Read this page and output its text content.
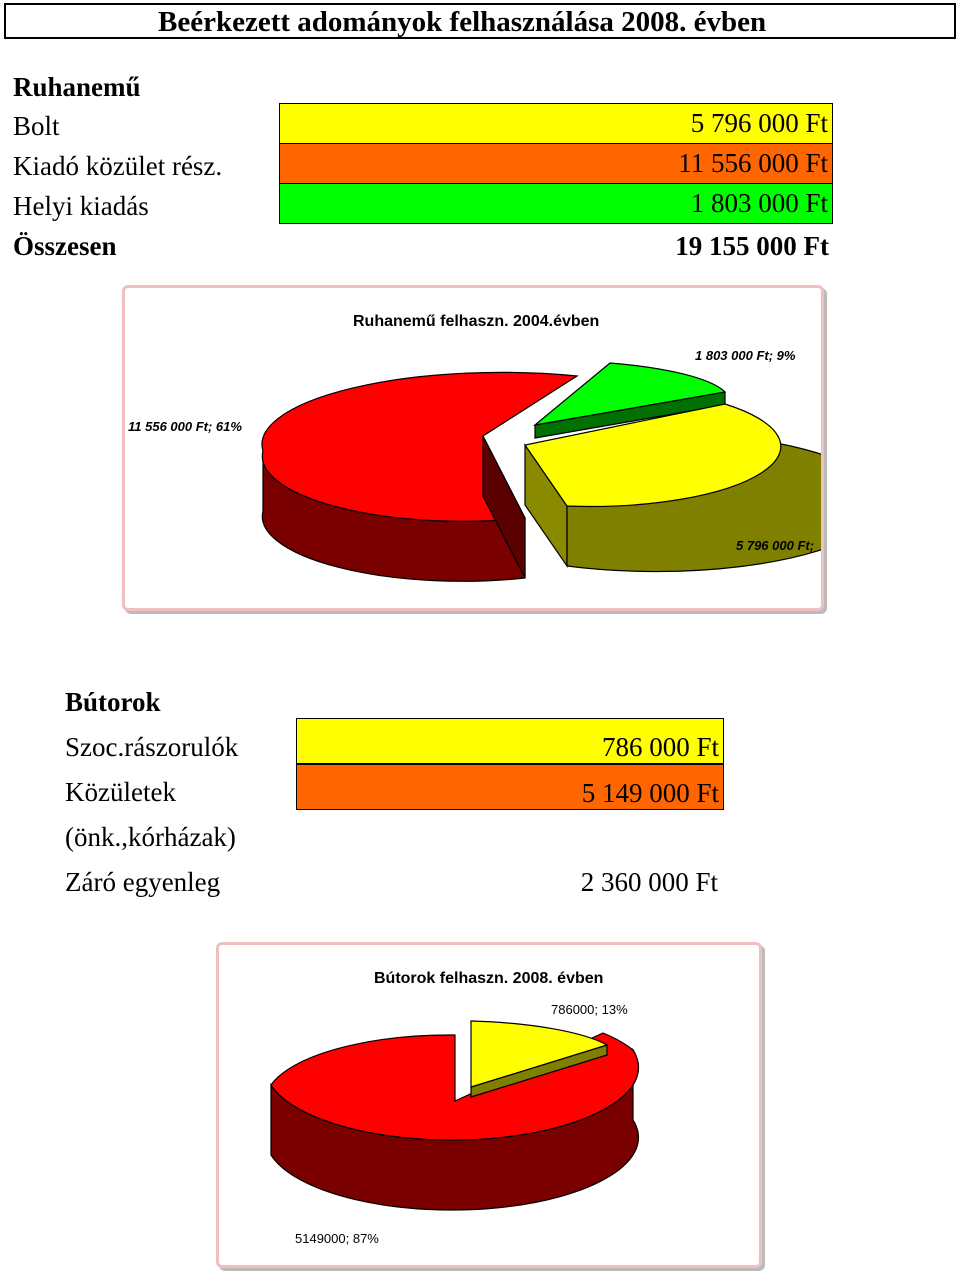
Beérkezett adományok felhasználása 2008. évben
Ruhanemű
Bolt
Kiadó közület rész.
Helyi kiadás
Összesen
5 796 000 Ft
11 556 000 Ft
1 803 000 Ft
19 155 000 Ft
Ruhanemű felhaszn. 2004.évben
1 803 000 Ft; 9%
11 556 000 Ft; 61%
5 796 000 Ft;
Bútorok
Szoc.rászorulók
Közületek
(önk.,kórházak)
Záró egyenleg
786 000 Ft
5 149 000 Ft
2 360 000 Ft
Bútorok felhaszn. 2008. évben
786000; 13%
5149000; 87%
